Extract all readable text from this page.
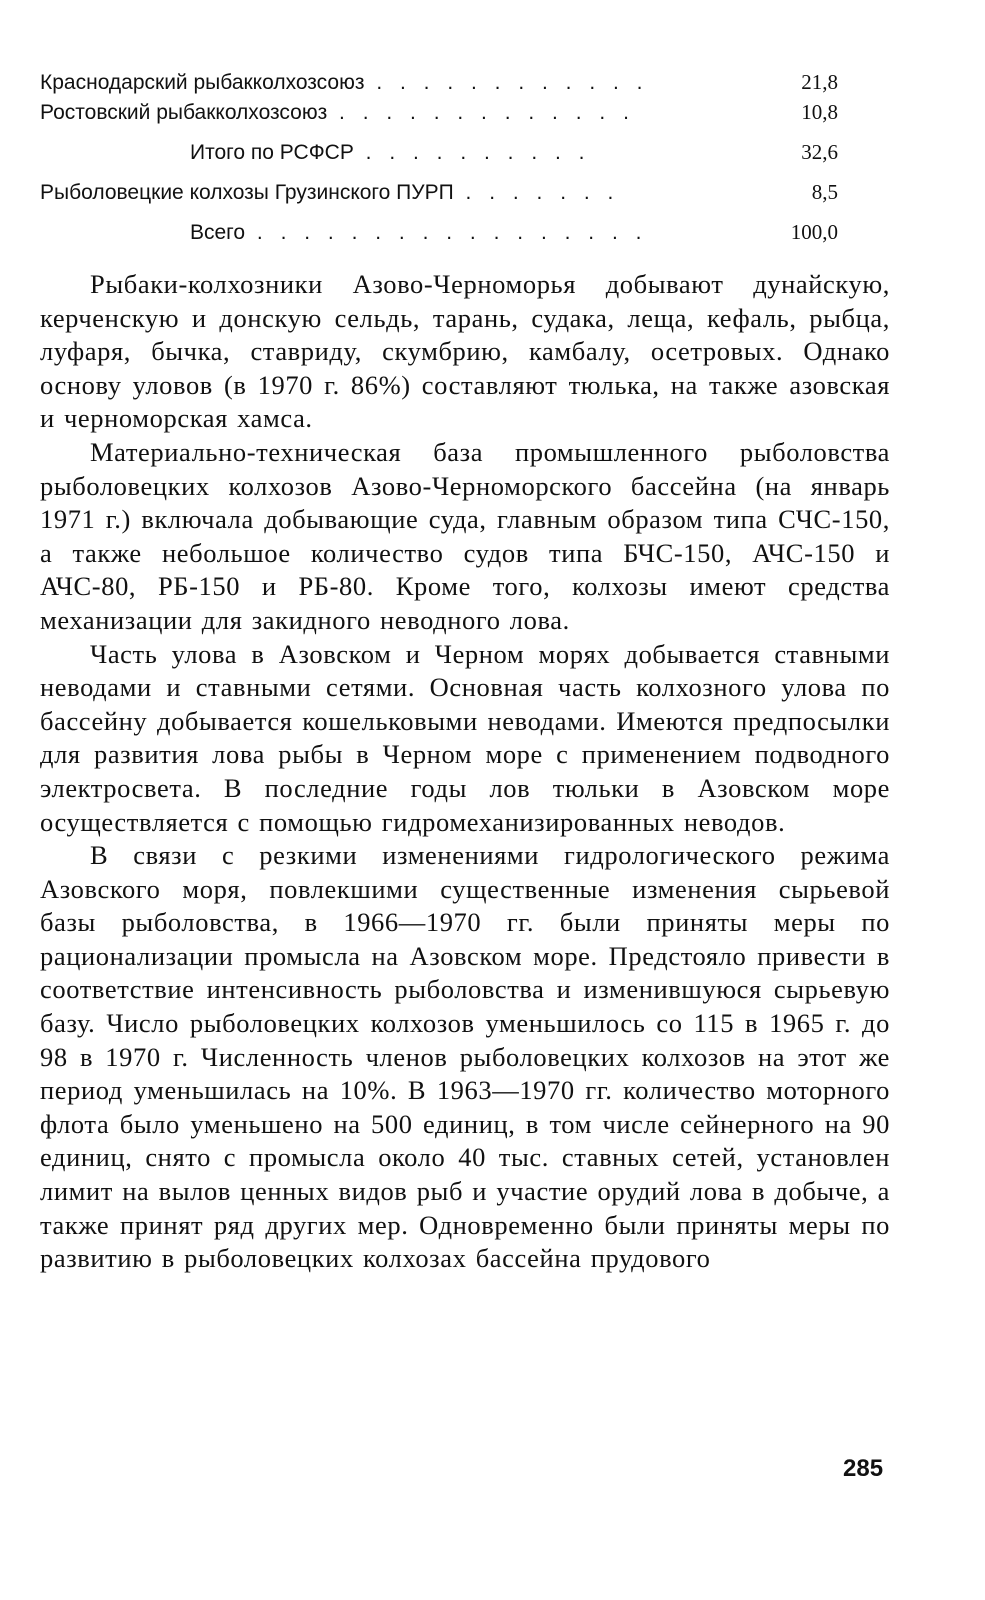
Краснодарский рыбакколхозсоюз . . . . . . . . . . . .	21,8
Ростовский рыбакколхозсоюз . . . . . . . . . . . . .	10,8
Итого по РСФСР . . . . . . . . . .	32,6
Рыболовецкие колхозы Грузинского ПУРП . . . . . . .	8,5
Всего . . . . . . . . . . . . . . . . .	100,0

Рыбаки-колхозники Азово-Черноморья добывают дунайскую, керченскую и донскую сельдь, тарань, судака, леща, кефаль, рыбца, луфаря, бычка, ставриду, скумбрию, камбалу, осетровых. Однако основу уловов (в 1970 г. 86%) составляют тюлька, на также азовская и черноморская хамса.

Материально-техническая база промышленного рыболовства рыболовецких колхозов Азово-Черноморского бассейна (на январь 1971 г.) включала добывающие суда, главным образом типа СЧС-150, а также небольшое количество судов типа БЧС-150, АЧС-150 и АЧС-80, РБ-150 и РБ-80. Кроме того, колхозы имеют средства механизации для закидного неводного лова.

Часть улова в Азовском и Черном морях добывается ставными неводами и ставными сетями. Основная часть колхозного улова по бассейну добывается кошельковыми неводами. Имеются предпосылки для развития лова рыбы в Черном море с применением подводного электросвета. В последние годы лов тюльки в Азовском море осуществляется с помощью гидромеханизированных неводов.

В связи с резкими изменениями гидрологического режима Азовского моря, повлекшими существенные изменения сырьевой базы рыболовства, в 1966—1970 гг. были приняты меры по рационализации промысла на Азовском море. Предстояло привести в соответствие интенсивность рыболовства и изменившуюся сырьевую базу. Число рыболовецких колхозов уменьшилось со 115 в 1965 г. до 98 в 1970 г. Численность членов рыболовецких колхозов на этот же период уменьшилась на 10%. В 1963—1970 гг. количество моторного флота было уменьшено на 500 единиц, в том числе сейнерного на 90 единиц, снято с промысла около 40 тыс. ставных сетей, установлен лимит на вылов ценных видов рыб и участие орудий лова в добыче, а также принят ряд других мер. Одновременно были приняты меры по развитию в рыболовецких колхозах бассейна прудового

285
